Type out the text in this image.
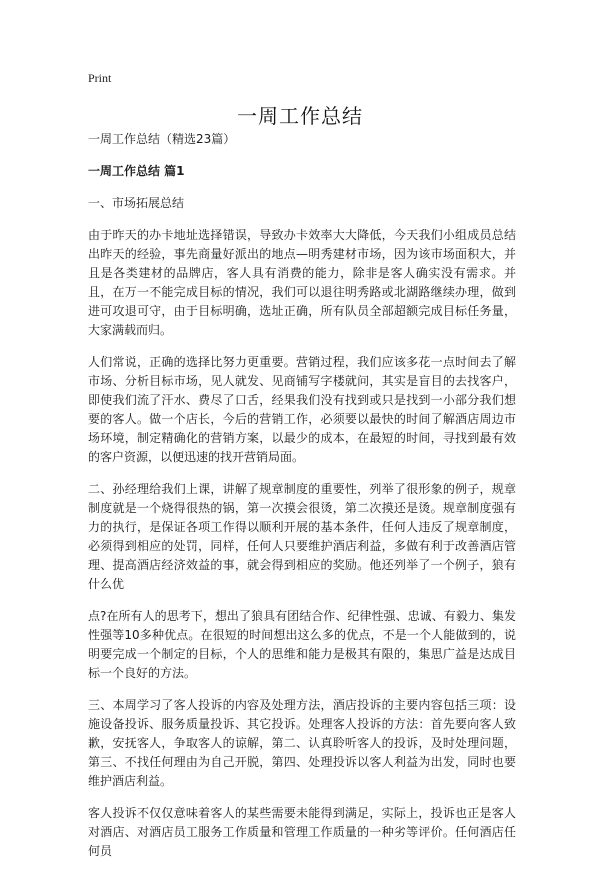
Print
一周工作总结

一周工作总结（精选23篇）

一周工作总结 篇1

一、市场拓展总结

由于昨天的办卡地址选择错误，导致办卡效率大大降低，今天我们小组成员总结出昨天的经验，事先商量好派出的地点—明秀建材市场，因为该市场面积大，并且是各类建材的品牌店，客人具有消费的能力，除非是客人确实没有需求。并且，在万一不能完成目标的情况，我们可以退往明秀路或北湖路继续办理，做到进可攻退可守，由于目标明确，选址正确，所有队员全部超额完成目标任务量，大家满载而归。

人们常说，正确的选择比努力更重要。营销过程，我们应该多花一点时间去了解市场、分析目标市场，见人就发、见商铺写字楼就问，其实是盲目的去找客户，即使我们流了汗水、费尽了口舌，经果我们没有找到或只是找到一小部分我们想要的客人。做一个店长，今后的营销工作，必须要以最快的时间了解酒店周边市场环境，制定精确化的营销方案，以最少的成本，在最短的时间，寻找到最有效的客户资源，以便迅速的找开营销局面。

二、孙经理给我们上课，讲解了规章制度的重要性，列举了很形象的例子，规章制度就是一个烧得很热的锅，第一次摸会很烫，第二次摸还是烫。规章制度强有力的执行，是保证各项工作得以顺利开展的基本条件，任何人违反了规章制度，必须得到相应的处罚，同样，任何人只要维护酒店利益，多做有利于改善酒店管理、提高酒店经济效益的事，就会得到相应的奖励。他还列举了一个例子，狼有什么优

点?在所有人的思考下，想出了狼具有团结合作、纪律性强、忠诚、有毅力、集发性强等10多种优点。在很短的时间想出这么多的优点，不是一个人能做到的，说明要完成一个制定的目标，个人的思维和能力是极其有限的，集思广益是达成目标一个良好的方法。

三、本周学习了客人投诉的内容及处理方法，酒店投诉的主要内容包括三项：设施设备投诉、服务质量投诉、其它投诉。处理客人投诉的方法：首先要向客人致歉，安抚客人，争取客人的谅解，第二、认真聆听客人的投诉，及时处理问题，第三、不找任何理由为自己开脱，第四、处理投诉以客人利益为出发，同时也要维护酒店利益。

客人投诉不仅仅意味着客人的某些需要未能得到满足，实际上，投诉也正是客人对酒店、对酒店员工服务工作质量和管理工作质量的一种劣等评价。任何酒店任何员
